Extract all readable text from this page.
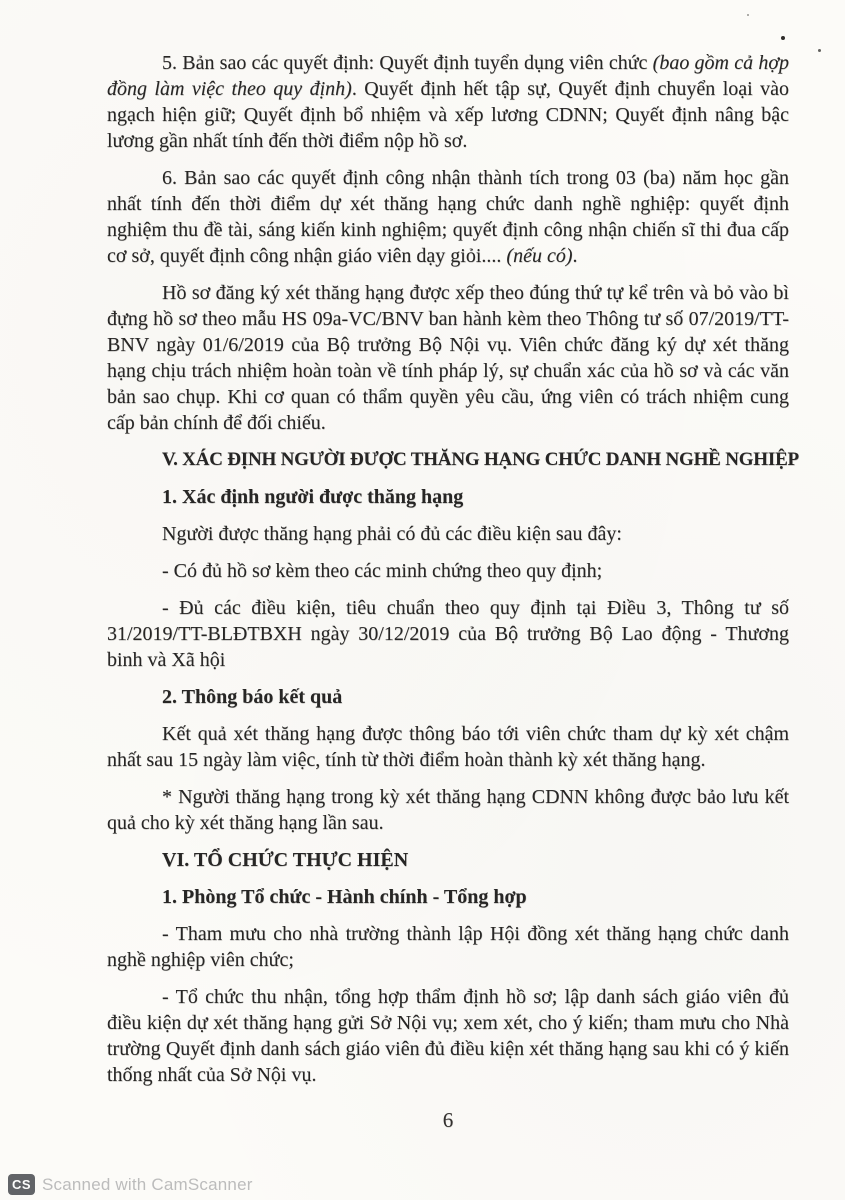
5. Bản sao các quyết định: Quyết định tuyển dụng viên chức (bao gồm cả hợp đồng làm việc theo quy định). Quyết định hết tập sự, Quyết định chuyển loại vào ngạch hiện giữ; Quyết định bổ nhiệm và xếp lương CDNN; Quyết định nâng bậc lương gần nhất tính đến thời điểm nộp hồ sơ.

6. Bản sao các quyết định công nhận thành tích trong 03 (ba) năm học gần nhất tính đến thời điểm dự xét thăng hạng chức danh nghề nghiệp: quyết định nghiệm thu đề tài, sáng kiến kinh nghiệm; quyết định công nhận chiến sĩ thi đua cấp cơ sở, quyết định công nhận giáo viên dạy giỏi.... (nếu có).

Hồ sơ đăng ký xét thăng hạng được xếp theo đúng thứ tự kể trên và bỏ vào bì đựng hồ sơ theo mẫu HS 09a-VC/BNV ban hành kèm theo Thông tư số 07/2019/TT-BNV ngày 01/6/2019 của Bộ trưởng Bộ Nội vụ. Viên chức đăng ký dự xét thăng hạng chịu trách nhiệm hoàn toàn về tính pháp lý, sự chuẩn xác của hồ sơ và các văn bản sao chụp. Khi cơ quan có thẩm quyền yêu cầu, ứng viên có trách nhiệm cung cấp bản chính để đối chiếu.

V. XÁC ĐỊNH NGƯỜI ĐƯỢC THĂNG HẠNG CHỨC DANH NGHỀ NGHIỆP

1. Xác định người được thăng hạng

Người được thăng hạng phải có đủ các điều kiện sau đây:

- Có đủ hồ sơ kèm theo các minh chứng theo quy định;

- Đủ các điều kiện, tiêu chuẩn theo quy định tại Điều 3, Thông tư số 31/2019/TT-BLĐTBXH ngày 30/12/2019 của Bộ trưởng Bộ Lao động - Thương binh và Xã hội

2. Thông báo kết quả

Kết quả xét thăng hạng được thông báo tới viên chức tham dự kỳ xét chậm nhất sau 15 ngày làm việc, tính từ thời điểm hoàn thành kỳ xét thăng hạng.

* Người thăng hạng trong kỳ xét thăng hạng CDNN không được bảo lưu kết quả cho kỳ xét thăng hạng lần sau.

VI. TỔ CHỨC THỰC HIỆN

1. Phòng Tổ chức - Hành chính - Tổng hợp

- Tham mưu cho nhà trường thành lập Hội đồng xét thăng hạng chức danh nghề nghiệp viên chức;

- Tổ chức thu nhận, tổng hợp thẩm định hồ sơ; lập danh sách giáo viên đủ điều kiện dự xét thăng hạng gửi Sở Nội vụ; xem xét, cho ý kiến; tham mưu cho Nhà trường Quyết định danh sách giáo viên đủ điều kiện xét thăng hạng sau khi có ý kiến thống nhất của Sở Nội vụ.

6
CS Scanned with CamScanner
